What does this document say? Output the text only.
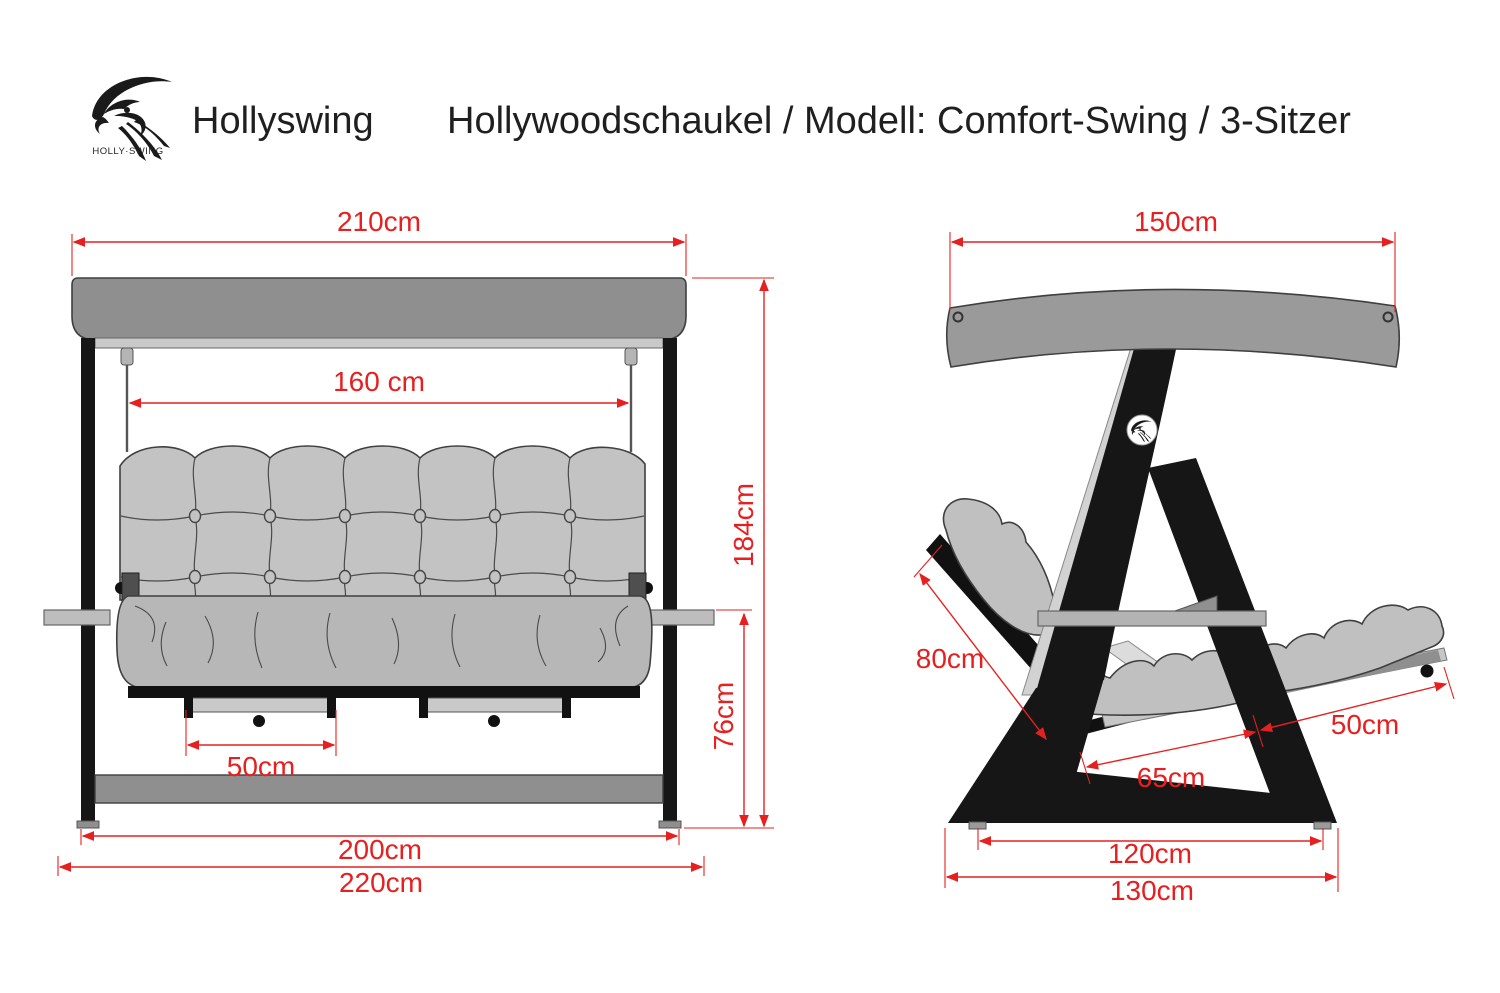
HOLLY·SWING
Hollyswing Hollywoodschaukel / Modell: Comfort-Swing / 3-Sitzer
210cm
160 cm
184cm
76cm
50cm
200cm
220cm
150cm
80cm
65cm
50cm
120cm
130cm
